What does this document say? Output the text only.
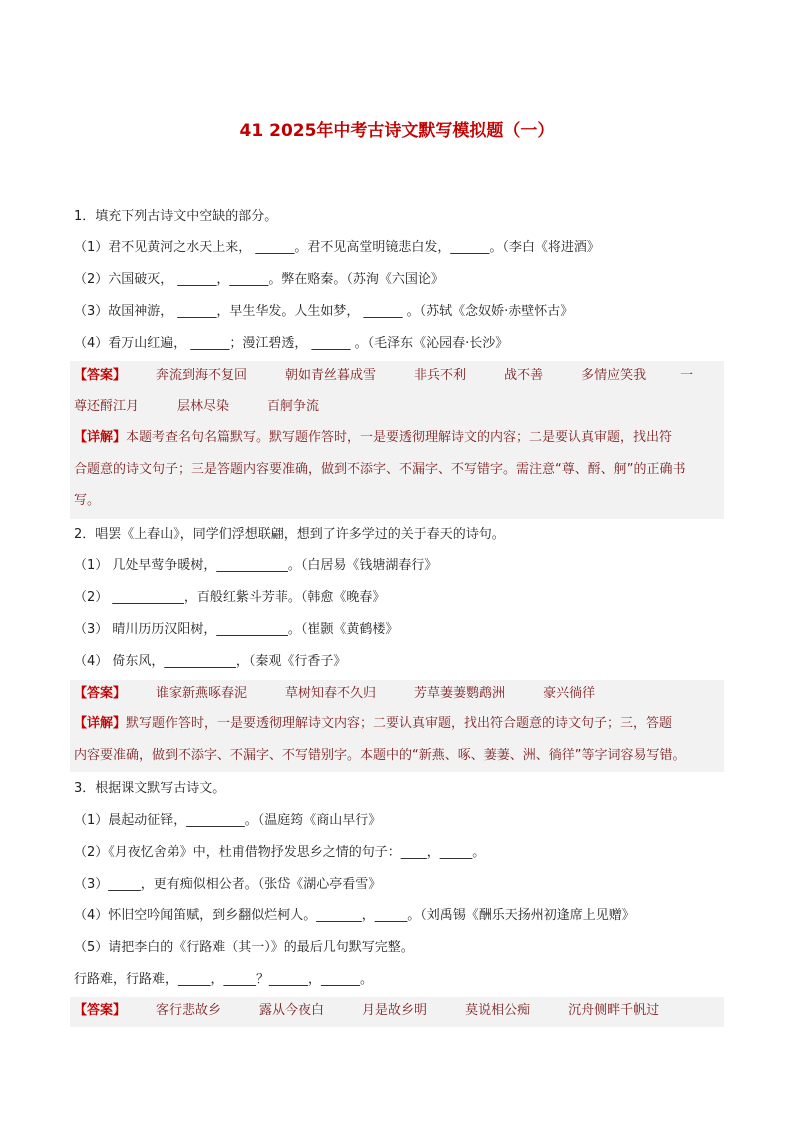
41 2025年中考古诗文默写模拟题（一）
1．填充下列古诗文中空缺的部分。
（1）君不见黄河之水天上来， ______。君不见高堂明镜悲白发，______。（李白《将进酒》
（2）六国破灭， ______，______。弊在赂秦。（苏洵《六国论》
（3）故国神游， ______，早生华发。人生如梦， ______ 。（苏轼《念奴娇·赤壁怀古》
（4）看万山红遍， ______；漫江碧透， ______ 。（毛泽东《沁园春·长沙》
【答案】 奔流到海不复回	朝如青丝暮成雪	非兵不利	战不善	多情应笑我	一
尊还酹江月	层林尽染	百舸争流
【详解】本题考查名句名篇默写。默写题作答时，一是要透彻理解诗文的内容；二是要认真审题，找出符
合题意的诗文句子；三是答题内容要准确，做到不添字、不漏字、不写错字。需注意“尊、酹、舸”的正确书
写。
2．唱罢《上春山》，同学们浮想联翩，想到了许多学过的关于春天的诗句。
（1） 几处早莺争暖树，___________。（白居易《钱塘湖春行》
（2） ___________，百般红紫斗芳菲。（韩愈《晚春》
（3） 晴川历历汉阳树，___________。（崔颢《黄鹤楼》
（4） 倚东风，___________，（秦观《行香子》
【答案】 谁家新燕啄春泥	草树知春不久归	芳草萋萋鹦鹉洲	豪兴徜徉
【详解】默写题作答时，一是要透彻理解诗文内容；二要认真审题，找出符合题意的诗文句子；三，答题
内容要准确，做到不添字、不漏字、不写错别字。本题中的“新燕、啄、萋萋、洲、徜徉”等字词容易写错。
3．根据课文默写古诗文。
（1）晨起动征铎，_________。（温庭筠《商山早行》
（2）《月夜忆舍弟》中，杜甫借物抒发思乡之情的句子：____，_____。
（3）_____，更有痴似相公者。（张岱《湖心亭看雪》
（4）怀旧空吟闻笛赋，到乡翻似烂柯人。_______，_____。（刘禹锡《酬乐天扬州初逢席上见赠》
（5）请把李白的《行路难（其一）》的最后几句默写完整。
行路难，行路难，_____，_____？______，______。
【答案】 客行悲故乡	露从今夜白	月是故乡明	莫说相公痴	沉舟侧畔千帆过
